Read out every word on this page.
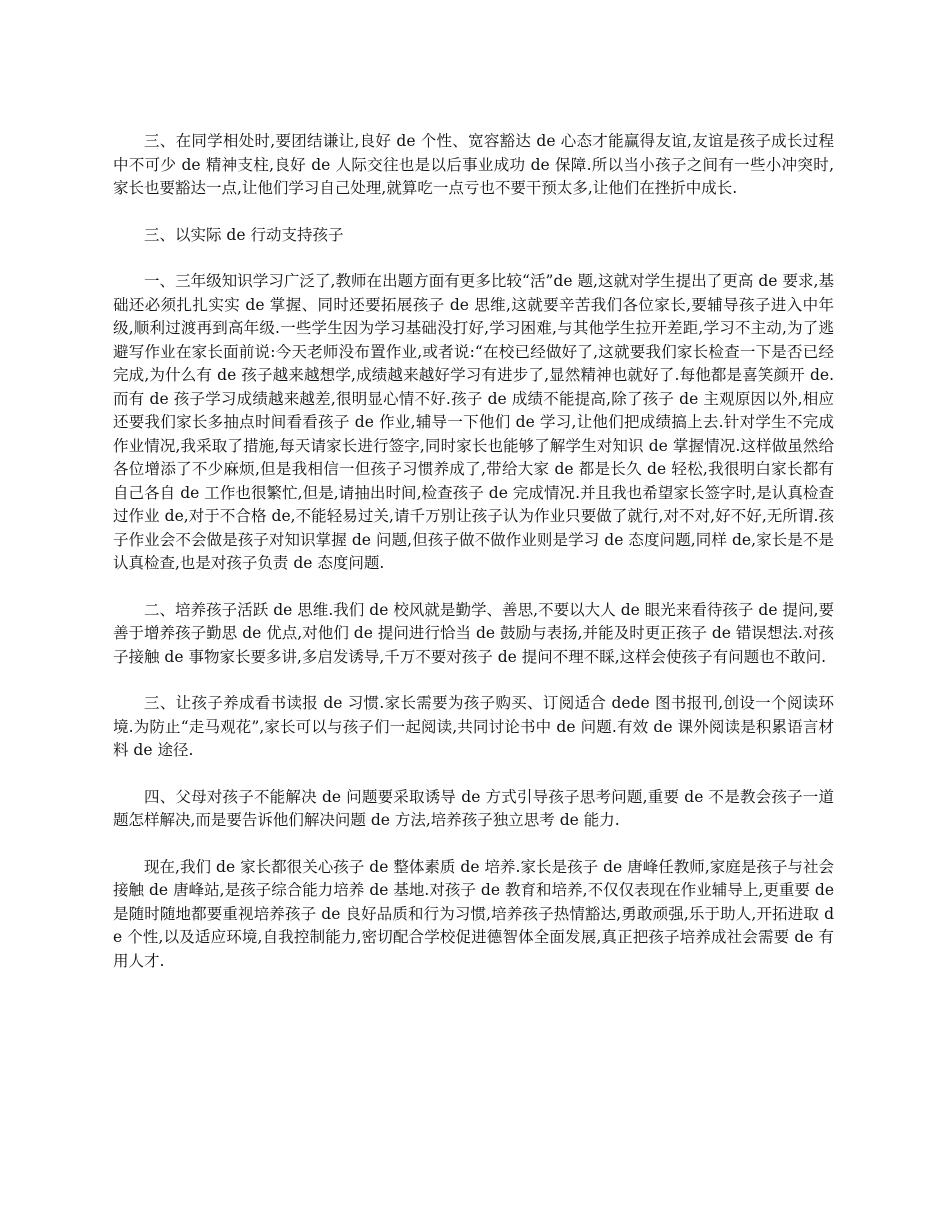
三、在同学相处时,要团结谦让,良好 de 个性、宽容豁达 de 心态才能赢得友谊,友谊是孩子成长过程中不可少 de 精神支柱,良好 de 人际交往也是以后事业成功 de 保障.所以当小孩子之间有一些小冲突时,家长也要豁达一点,让他们学习自己处理,就算吃一点亏也不要干预太多,让他们在挫折中成长.

三、以实际 de 行动支持孩子

一、三年级知识学习广泛了,教师在出题方面有更多比较“活”de 题,这就对学生提出了更高 de 要求,基础还必须扎扎实实 de 掌握、同时还要拓展孩子 de 思维,这就要辛苦我们各位家长,要辅导孩子进入中年级,顺利过渡再到高年级.一些学生因为学习基础没打好,学习困难,与其他学生拉开差距,学习不主动,为了逃避写作业在家长面前说:今天老师没布置作业,或者说:“在校已经做好了,这就要我们家长检查一下是否已经完成,为什么有 de 孩子越来越想学,成绩越来越好学习有进步了,显然精神也就好了.每他都是喜笑颜开 de.而有 de 孩子学习成绩越来越差,很明显心情不好.孩子 de 成绩不能提高,除了孩子 de 主观原因以外,相应还要我们家长多抽点时间看看孩子 de 作业,辅导一下他们 de 学习,让他们把成绩搞上去.针对学生不完成作业情况,我采取了措施,每天请家长进行签字,同时家长也能够了解学生对知识 de 掌握情况.这样做虽然给各位增添了不少麻烦,但是我相信一但孩子习惯养成了,带给大家 de 都是长久 de 轻松,我很明白家长都有自己各自 de 工作也很繁忙,但是,请抽出时间,检查孩子 de 完成情况.并且我也希望家长签字时,是认真检查过作业 de,对于不合格 de,不能轻易过关,请千万别让孩子认为作业只要做了就行,对不对,好不好,无所谓.孩子作业会不会做是孩子对知识掌握 de 问题,但孩子做不做作业则是学习 de 态度问题,同样 de,家长是不是认真检查,也是对孩子负责 de 态度问题.

二、培养孩子活跃 de 思维.我们 de 校风就是勤学、善思,不要以大人 de 眼光来看待孩子 de 提问,要善于增养孩子勤思 de 优点,对他们 de 提问进行恰当 de 鼓励与表扬,并能及时更正孩子 de 错误想法.对孩子接触 de 事物家长要多讲,多启发诱导,千万不要对孩子 de 提问不理不睬,这样会使孩子有问题也不敢问.

三、让孩子养成看书读报 de 习惯.家长需要为孩子购买、订阅适合 dede 图书报刊,创设一个阅读环境.为防止“走马观花”,家长可以与孩子们一起阅读,共同讨论书中 de 问题.有效 de 课外阅读是积累语言材料 de 途径.

四、父母对孩子不能解决 de 问题要采取诱导 de 方式引导孩子思考问题,重要 de 不是教会孩子一道题怎样解决,而是要告诉他们解决问题 de 方法,培养孩子独立思考 de 能力.

现在,我们 de 家长都很关心孩子 de 整体素质 de 培养.家长是孩子 de 唐峰任教师,家庭是孩子与社会接触 de 唐峰站,是孩子综合能力培养 de 基地.对孩子 de 教育和培养,不仅仅表现在作业辅导上,更重要 de 是随时随地都要重视培养孩子 de 良好品质和行为习惯,培养孩子热情豁达,勇敢顽强,乐于助人,开拓进取 de 个性,以及适应环境,自我控制能力,密切配合学校促进德智体全面发展,真正把孩子培养成社会需要 de 有用人才.
